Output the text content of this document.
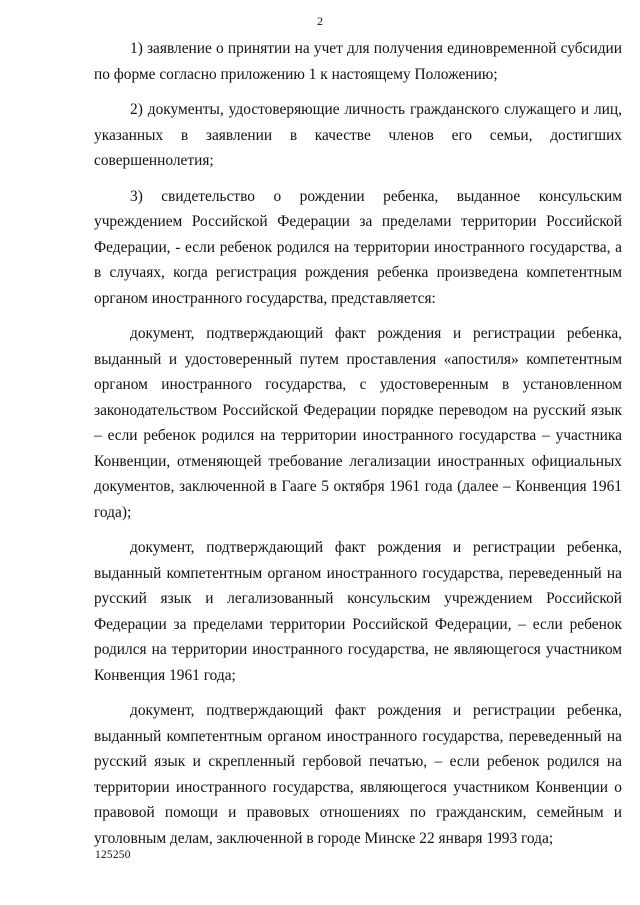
2

1) заявление о принятии на учет для получения единовременной субсидии по форме согласно приложению 1 к настоящему Положению;

2) документы, удостоверяющие личность гражданского служащего и лиц, указанных в заявлении в качестве членов его семьи, достигших совершеннолетия;

3) свидетельство о рождении ребенка, выданное консульским учреждением Российской Федерации за пределами территории Российской Федерации, - если ребенок родился на территории иностранного государства, а в случаях, когда регистрация рождения ребенка произведена компетентным органом иностранного государства, представляется:

документ, подтверждающий факт рождения и регистрации ребенка, выданный и удостоверенный путем проставления «апостиля» компетентным органом иностранного государства, с удостоверенным в установленном законодательством Российской Федерации порядке переводом на русский язык – если ребенок родился на территории иностранного государства – участника Конвенции, отменяющей требование легализации иностранных официальных документов, заключенной в Гааге 5 октября 1961 года (далее – Конвенция 1961 года);

документ, подтверждающий факт рождения и регистрации ребенка, выданный компетентным органом иностранного государства, переведенный на русский язык и легализованный консульским учреждением Российской Федерации за пределами территории Российской Федерации, – если ребенок родился на территории иностранного государства, не являющегося участником Конвенция 1961 года;

документ, подтверждающий факт рождения и регистрации ребенка, выданный компетентным органом иностранного государства, переведенный на русский язык и скрепленный гербовой печатью, – если ребенок родился на территории иностранного государства, являющегося участником Конвенции о правовой помощи и правовых отношениях по гражданским, семейным и уголовным делам, заключенной в городе Минске 22 января 1993 года;

125250
